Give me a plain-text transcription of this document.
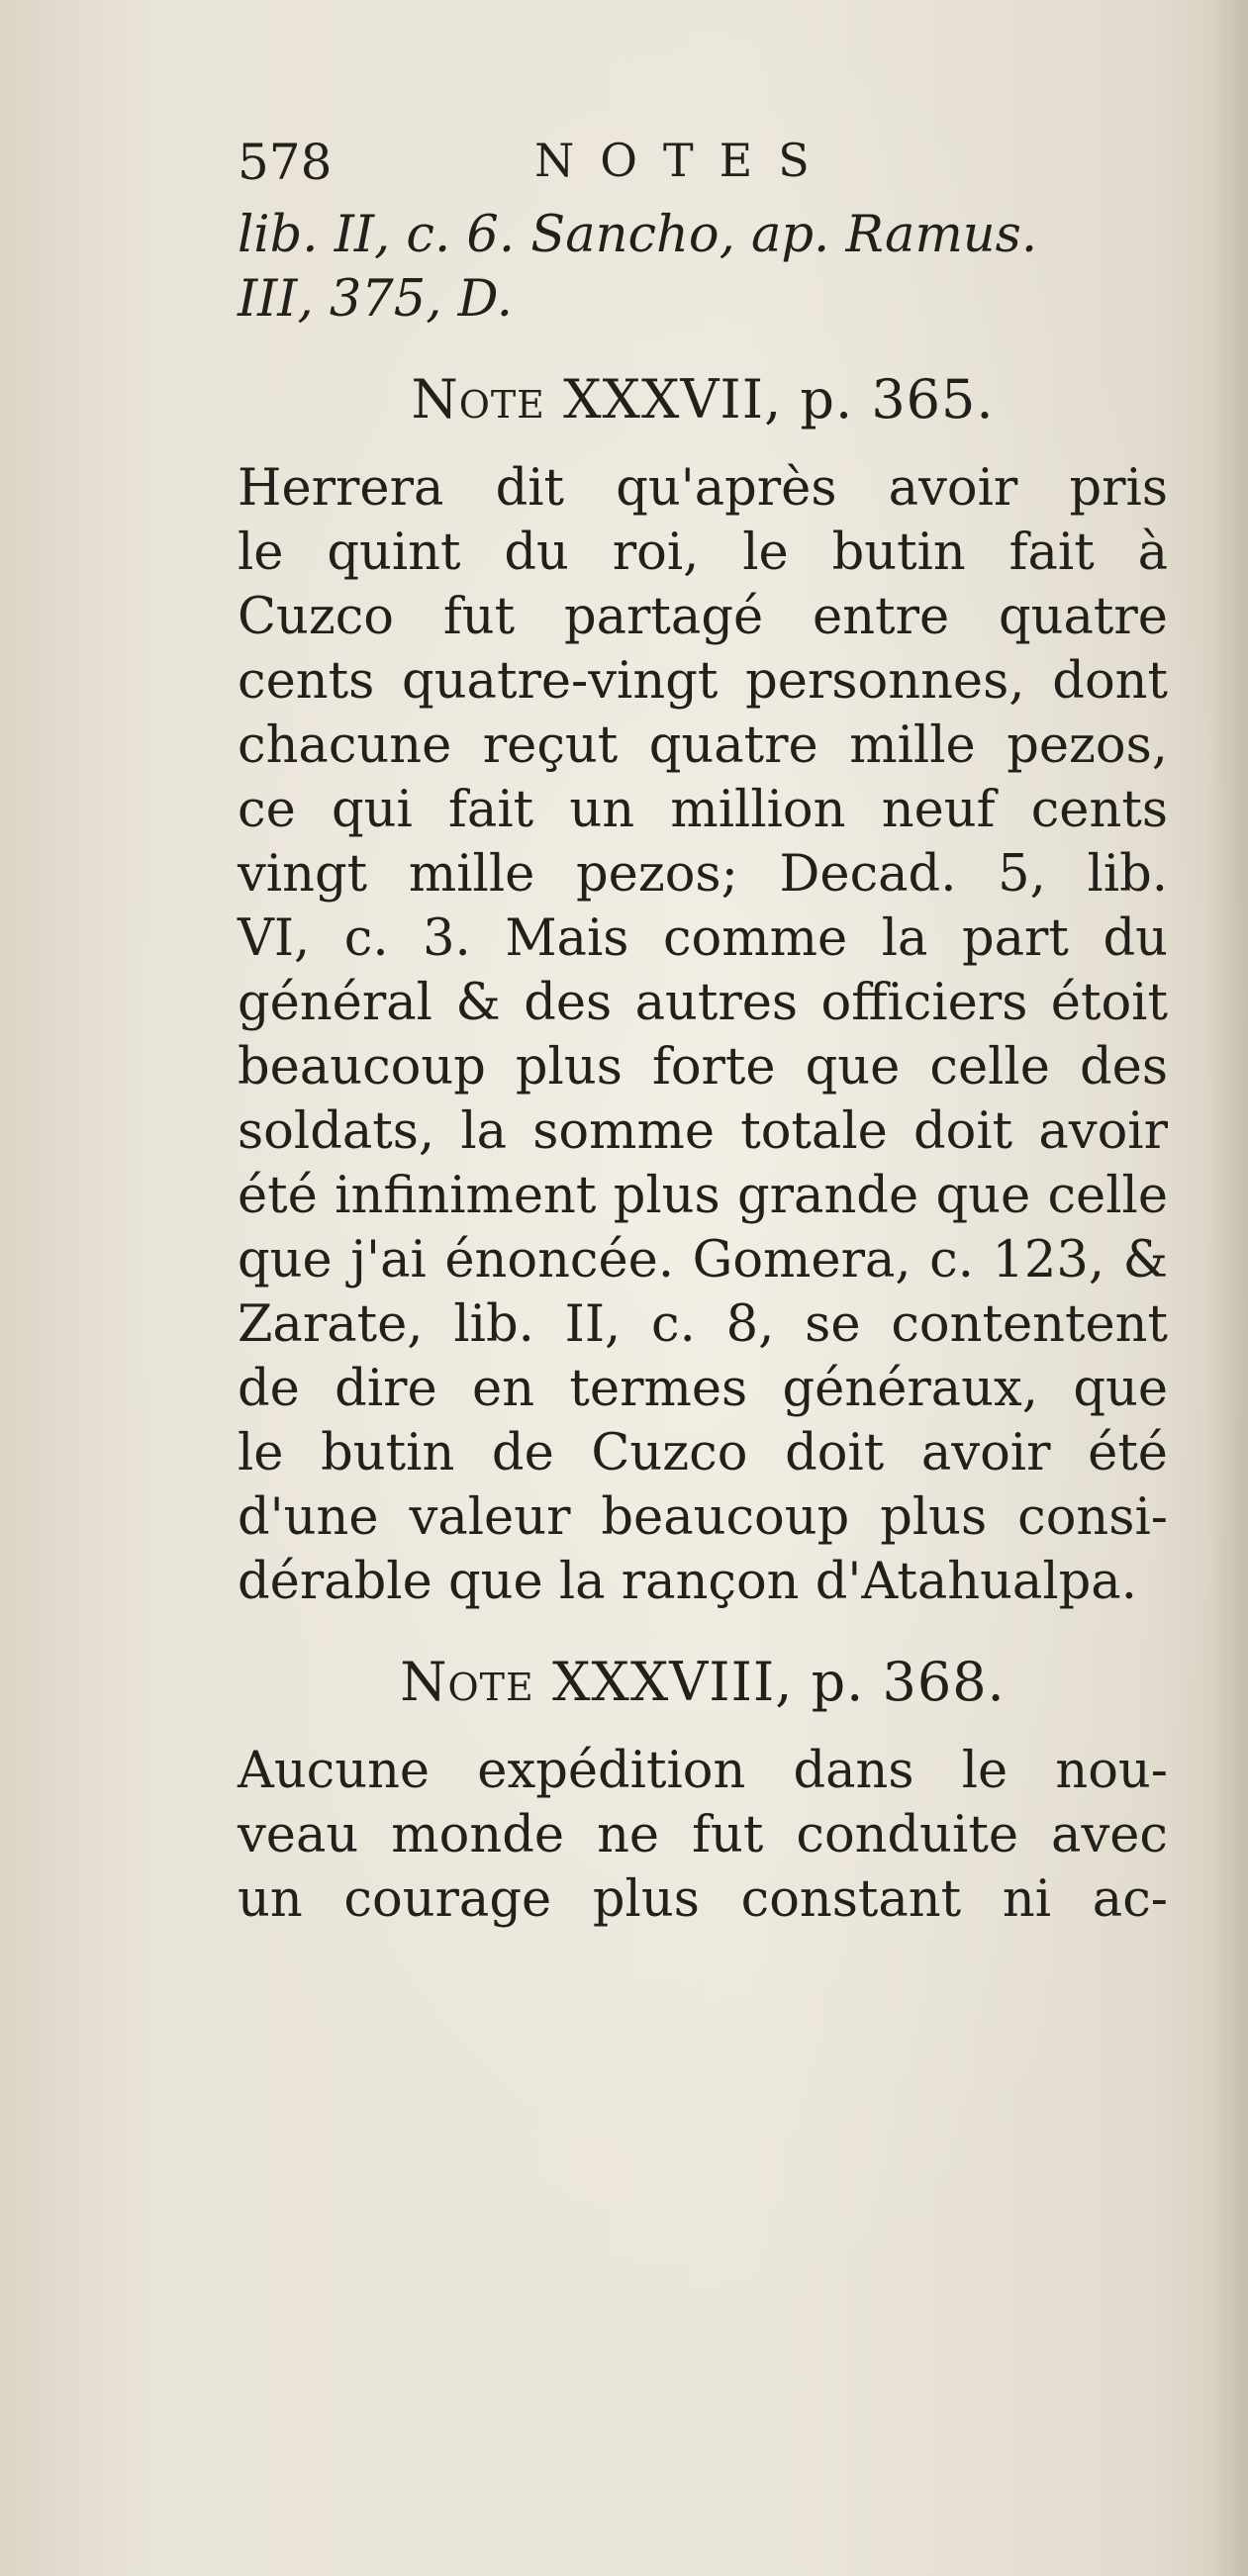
578	NOTES
lib. II, c. 6. Sancho, ap. Ramus.
III, 375, D.
Note XXXVII, p. 365.
Herrera dit qu'après avoir pris
le quint du roi, le butin fait à
Cuzco fut partagé entre quatre
cents quatre-vingt personnes, dont
chacune reçut quatre mille pezos,
ce qui fait un million neuf cents
vingt mille pezos; Decad. 5, lib.
VI, c. 3. Mais comme la part du
général & des autres officiers étoit
beaucoup plus forte que celle des
soldats, la somme totale doit avoir
été infiniment plus grande que celle
que j'ai énoncée. Gomera, c. 123, &
Zarate, lib. II, c. 8, se contentent
de dire en termes généraux, que
le butin de Cuzco doit avoir été
d'une valeur beaucoup plus consi-
dérable que la rançon d'Atahualpa.
Note XXXVIII, p. 368.
Aucune expédition dans le nou-
veau monde ne fut conduite avec
un courage plus constant ni ac-
